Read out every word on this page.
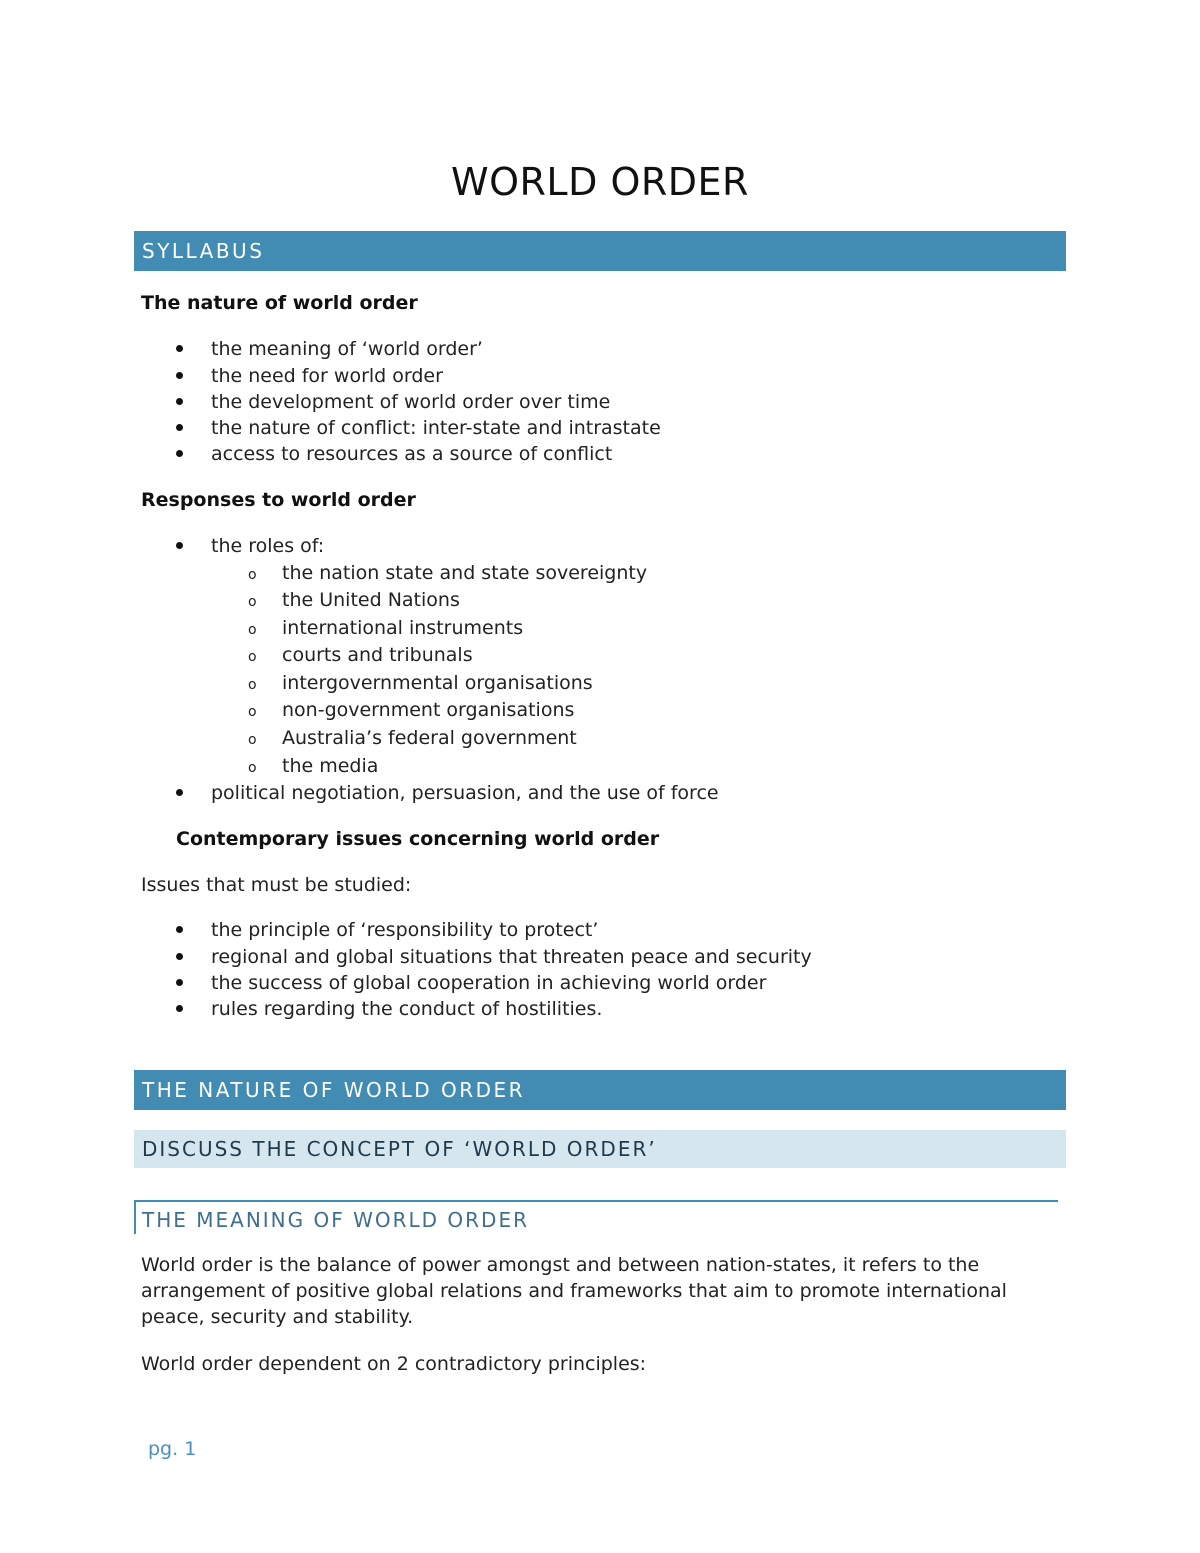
WORLD ORDER
SYLLABUS
The nature of world order
the meaning of ‘world order’
the need for world order
the development of world order over time
the nature of conflict: inter-state and intrastate
access to resources as a source of conflict
Responses to world order
the roles of:
o the nation state and state sovereignty
o the United Nations
o international instruments
o courts and tribunals
o intergovernmental organisations
o non-government organisations
o Australia’s federal government
o the media
political negotiation, persuasion, and the use of force
Contemporary issues concerning world order
Issues that must be studied:
the principle of ‘responsibility to protect’
regional and global situations that threaten peace and security
the success of global cooperation in achieving world order
rules regarding the conduct of hostilities.
THE NATURE OF WORLD ORDER
DISCUSS THE CONCEPT OF ‘WORLD ORDER’
THE MEANING OF WORLD ORDER
World order is the balance of power amongst and between nation-states, it refers to the arrangement of positive global relations and frameworks that aim to promote international peace, security and stability.
World order dependent on 2 contradictory principles:
pg. 1
